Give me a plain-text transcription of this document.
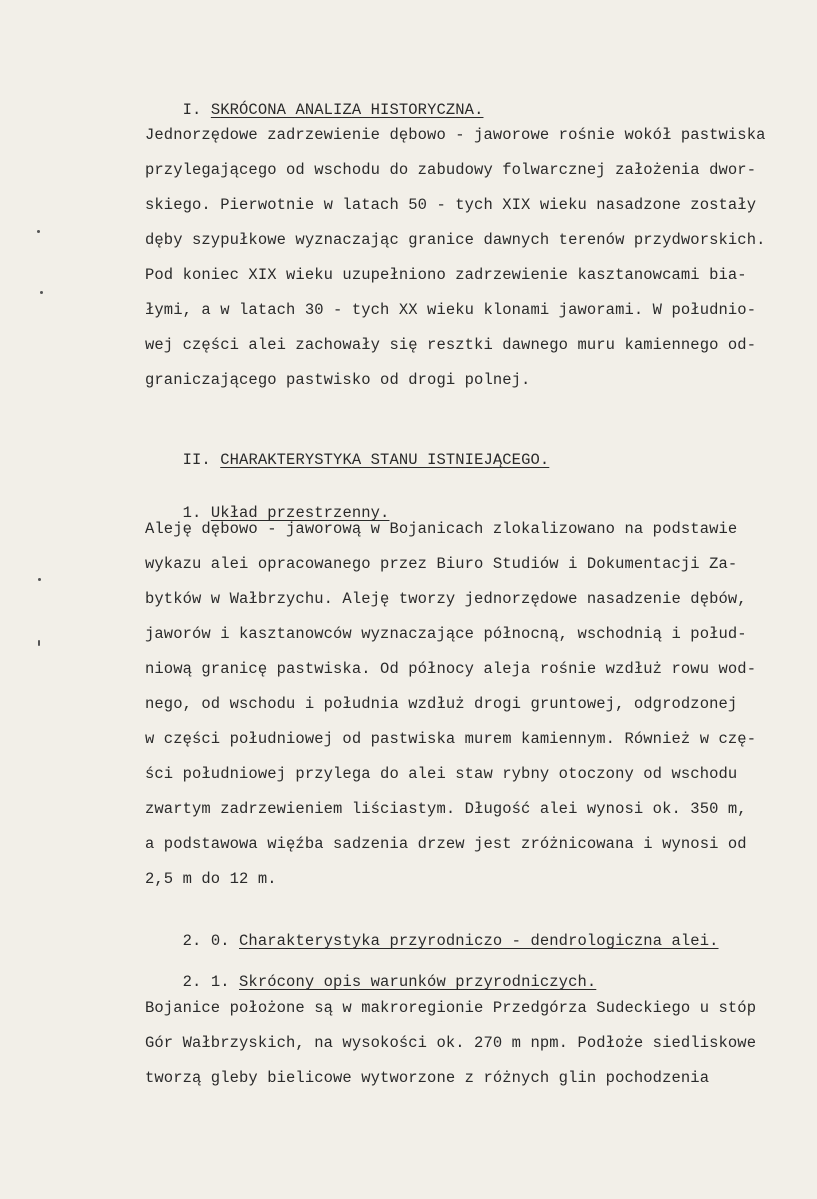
I. SKRÓCONA ANALIZA HISTORYCZNA.

Jednorzędowe zadrzewienie dębowo - jaworowe rośnie wokół pastwiska
przylegającego od wschodu do zabudowy folwarcznej założenia dwor-
skiego. Pierwotnie w latach 50 - tych XIX wieku nasadzone zostały
dęby szypułkowe wyznaczając granice dawnych terenów przydworskich.
Pod koniec XIX wieku uzupełniono zadrzewienie kasztanowcami bia-
łymi, a w latach 30 - tych XX wieku klonami jaworami. W południo-
wej części alei zachowały się resztki dawnego muru kamiennego od-
graniczającego pastwisko od drogi polnej.

II. CHARAKTERYSTYKA STANU ISTNIEJĄCEGO.

1. Układ przestrzenny.

Aleję dębowo - jaworową w Bojanicach zlokalizowano na podstawie
wykazu alei opracowanego przez Biuro Studiów i Dokumentacji Za-
bytków w Wałbrzychu. Aleję tworzy jednorzędowe nasadzenie dębów,
jaworów i kasztanowców wyznaczające północną, wschodnią i połud-
niową granicę pastwiska. Od północy aleja rośnie wzdłuż rowu wod-
nego, od wschodu i południa wzdłuż drogi gruntowej, odgrodzonej
w części południowej od pastwiska murem kamiennym. Również w czę-
ści południowej przylega do alei staw rybny otoczony od wschodu
zwartym zadrzewieniem liściastym. Długość alei wynosi ok. 350 m,
a podstawowa więźba sadzenia drzew jest zróżnicowana i wynosi od
2,5 m do 12 m.

2. 0. Charakterystyka przyrodniczo - dendrologiczna alei.

2. 1. Skrócony opis warunków przyrodniczych.

Bojanice położone są w makroregionie Przedgórza Sudeckiego u stóp
Gór Wałbrzyskich, na wysokości ok. 270 m npm. Podłoże siedliskowe
tworzą gleby bielicowe wytworzone z różnych glin pochodzenia
